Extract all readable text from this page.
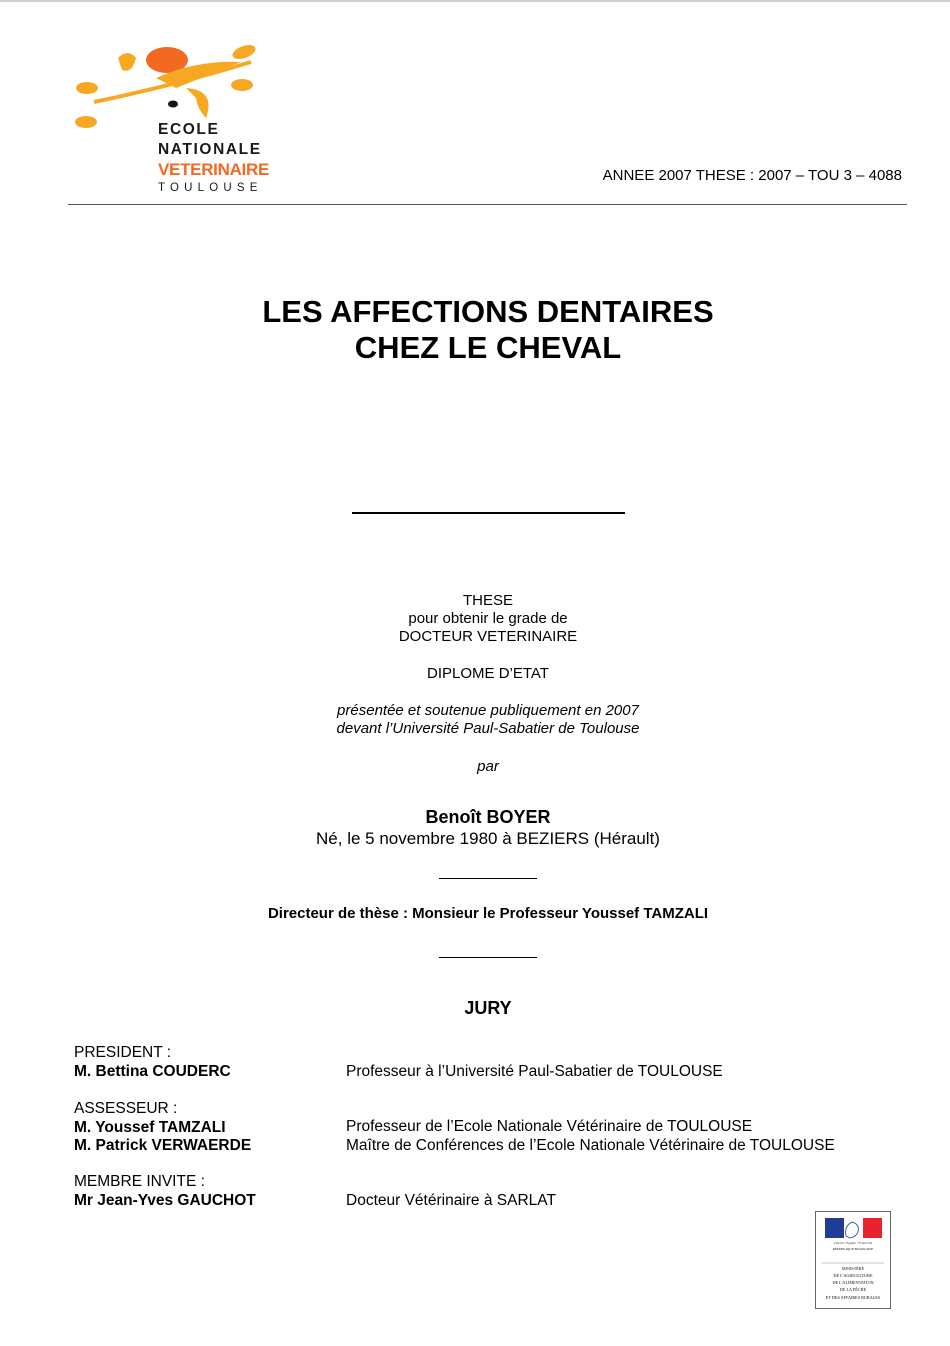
ECOLE
NATIONALE
VETERINAIRE
TOULOUSE
ANNEE 2007 THESE : 2007 – TOU 3 – 4088
LES AFFECTIONS DENTAIRES
CHEZ LE CHEVAL
THESE
pour obtenir le grade de
DOCTEUR VETERINAIRE
DIPLOME D’ETAT
présentée et soutenue publiquement en 2007
devant l’Université Paul-Sabatier de Toulouse
par
Benoît BOYER
Né, le 5 novembre 1980 à BEZIERS (Hérault)
Directeur de thèse : Monsieur le Professeur Youssef TAMZALI
JURY
PRESIDENT :
M. Bettina COUDERC	Professeur à l’Université Paul-Sabatier de TOULOUSE
ASSESSEUR :
M. Youssef TAMZALI
M. Patrick VERWAERDE
Professeur de l’Ecole Nationale Vétérinaire de TOULOUSE
Maître de Conférences de l’Ecole Nationale Vétérinaire de TOULOUSE
MEMBRE INVITE :
Mr Jean-Yves GAUCHOT	Docteur Vétérinaire à SARLAT
Liberté • Égalité • Fraternité
RÉPUBLIQUE FRANÇAISE
MINISTÈRE
DE L'AGRICULTURE
DE L'ALIMENTATION
DE LA PÊCHE
ET DES AFFAIRES RURALES
